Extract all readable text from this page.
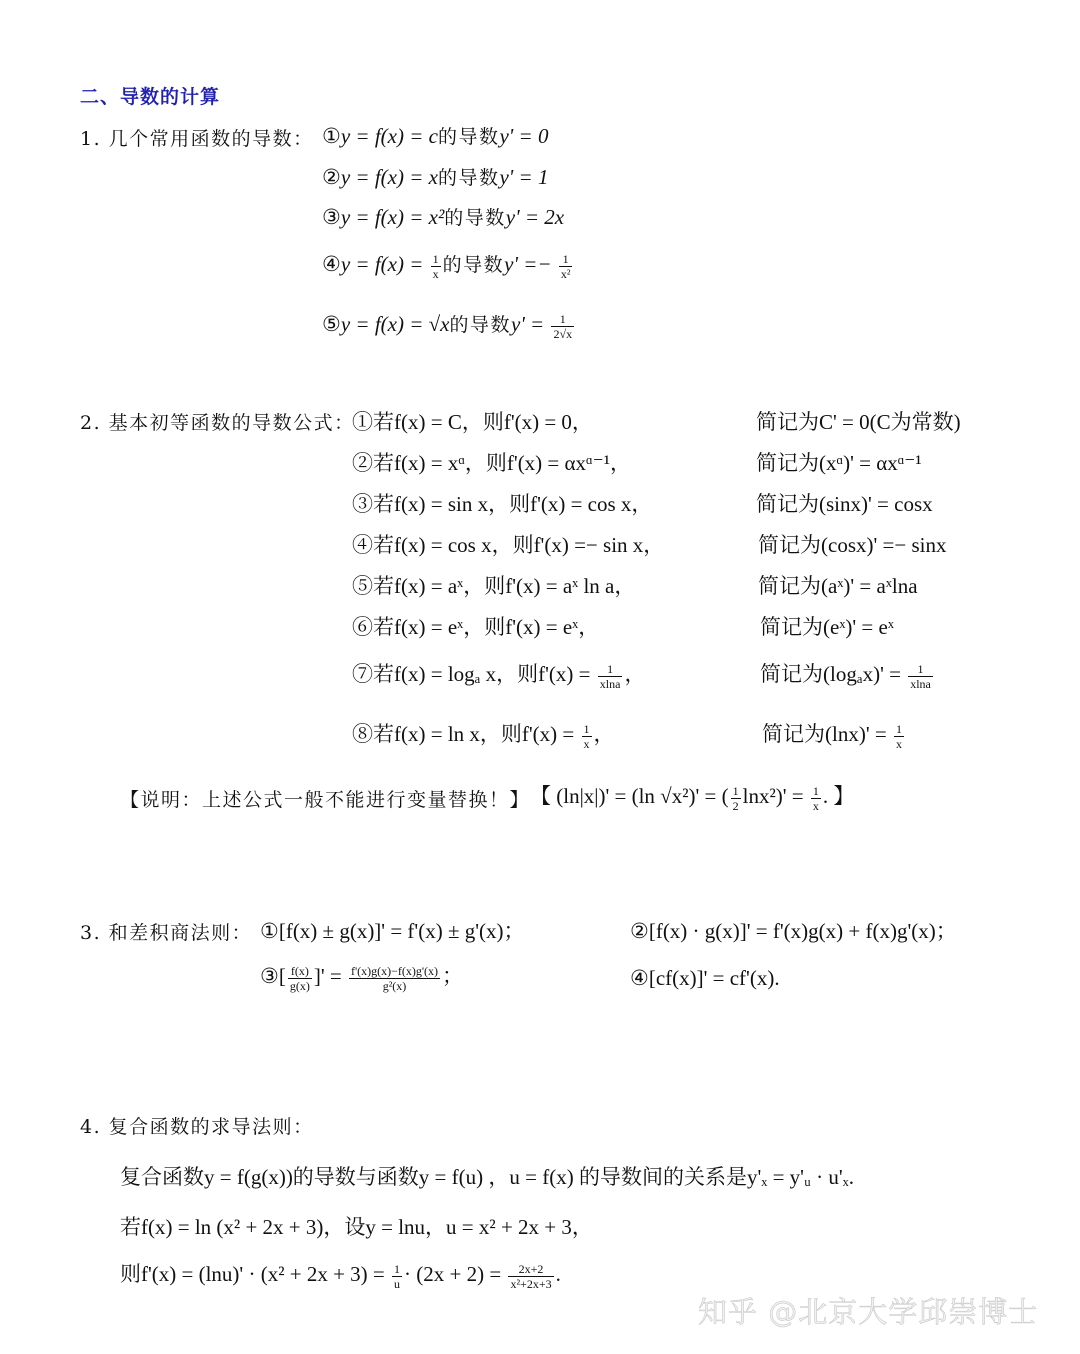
二、导数的计算
1. 几个常用函数的导数： ①y = f(x) = c的导数y' = 0
②y = f(x) = x的导数y' = 1
③y = f(x) = x²的导数y' = 2x
④y = $f(x) = \frac{1}{x}$ 的导数$y' =- \frac{1}{\text{x²}}$
⑤y = f(x) = √x的导数$y' = \frac{1}{2√x}$
2. 基本初等函数的导数公式：
①若f(x) = C，则f'(x) = 0，	简记为C' = 0(C为常数)
②若f(x) = xᵅ，则f'(x) = αxᵅ⁻¹，	简记为(xᵅ)' = αxᵅ⁻¹
③若f(x) = sin x，则f'(x) = cos x，	简记为(sinx)' = cosx
④若f(x) = cos x，则f'(x) =− sin x，	简记为(cosx)' =− sinx
⑤若f(x) = aˣ，则f'(x) = aˣ ln a，	简记为(aˣ)' = aˣlna
⑥若f(x) = eˣ，则f'(x) = eˣ，	简记为(eˣ)' = eˣ
⑦若f(x) = logₐ x，则$f'(x) = \frac{1}{xlna}$ ，	简记为$(\log_ax)' = \frac{1}{xlna}$
⑧若f(x) = ln x，则$f'(x) = \frac{1}{x}$ ，	简记为$(\ln x)' = \frac{1}{x}$
【说明：上述公式一般不能进行变量替换！】 【 (ln|x|)' = (ln √x²)' = ( $\frac{1}{2} \ln x^2)' = \frac{1}{x}$ . 】
3. 和差积商法则： ①[f(x) ± g(x)]' = f'(x) ± g'(x)；	②[f(x) · g(x)]' = f'(x)g(x) + f(x)g'(x)；
③[ $\frac{f(x)}{g(x)}$ ]' = $\frac{f'(x)g(x)-f(x)g'(x)}{\text{g²(x)}}$ ；	④[cf(x)]' = cf'(x).
4. 复合函数的求导法则：
复合函数y = f(g(x))的导数与函数y = f(u) ，u = f(x) 的导数间的关系是y'ₓ = y'ᵤ · u'ₓ.
若f(x) = ln (x² + 2x + 3)，设y = lnu，u = x² + 2x + 3，
则$f'(x) = (\ln u)' \cdot (x^2 + 2x + 3) = \frac{1}{u} \cdot (2x + 2) = \frac{2x+2}{\text{x²+2x+3}}$ .
知乎 @北京大学邱崇博士
